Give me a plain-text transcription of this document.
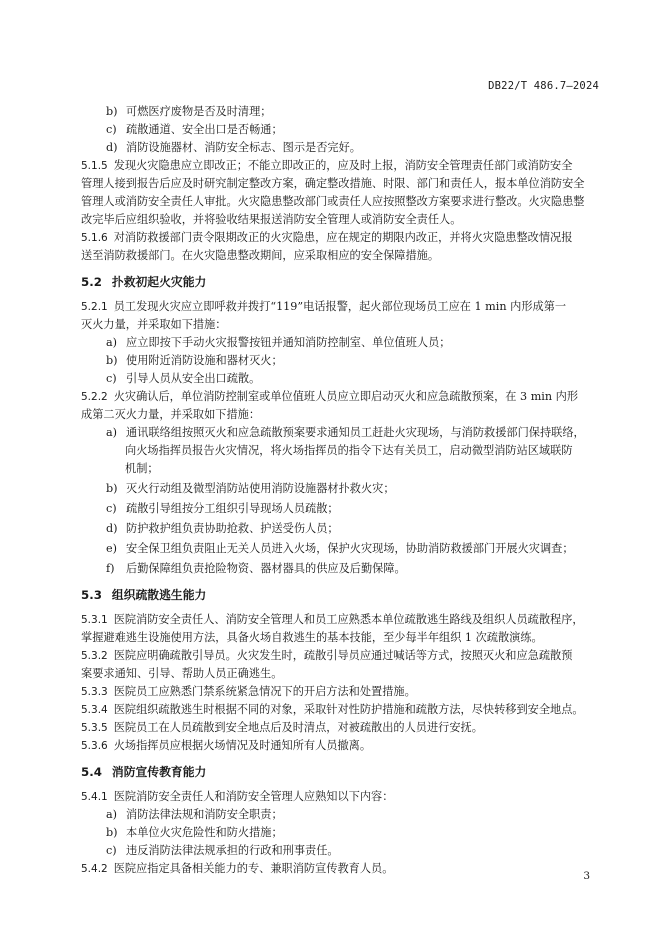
DB22/T 486.7—2024
b) 可燃医疗废物是否及时清理；
c) 疏散通道、安全出口是否畅通；
d) 消防设施器材、消防安全标志、图示是否完好。
5.1.5 发现火灾隐患应立即改正；不能立即改正的，应及时上报，消防安全管理责任部门或消防安全
管理人接到报告后应及时研究制定整改方案，确定整改措施、时限、部门和责任人，报本单位消防安全
管理人或消防安全责任人审批。火灾隐患整改部门或责任人应按照整改方案要求进行整改。火灾隐患整
改完毕后应组织验收，并将验收结果报送消防安全管理人或消防安全责任人。
5.1.6 对消防救援部门责令限期改正的火灾隐患，应在规定的期限内改正，并将火灾隐患整改情况报
送至消防救援部门。在火灾隐患整改期间，应采取相应的安全保障措施。
5.2 扑救初起火灾能力
5.2.1 员工发现火灾应立即呼救并拨打“119”电话报警，起火部位现场员工应在 1 min 内形成第一
灭火力量，并采取如下措施：
a) 应立即按下手动火灾报警按钮并通知消防控制室、单位值班人员；
b) 使用附近消防设施和器材灭火；
c) 引导人员从安全出口疏散。
5.2.2 火灾确认后，单位消防控制室或单位值班人员应立即启动灭火和应急疏散预案，在 3 min 内形
成第二灭火力量，并采取如下措施：
a) 通讯联络组按照灭火和应急疏散预案要求通知员工赶赴火灾现场，与消防救援部门保持联络，
向火场指挥员报告火灾情况，将火场指挥员的指令下达有关员工，启动微型消防站区域联防
机制；
b) 灭火行动组及微型消防站使用消防设施器材扑救火灾；
c) 疏散引导组按分工组织引导现场人员疏散；
d) 防护救护组负责协助抢救、护送受伤人员；
e) 安全保卫组负责阻止无关人员进入火场，保护火灾现场，协助消防救援部门开展火灾调查；
f) 后勤保障组负责抢险物资、器材器具的供应及后勤保障。
5.3 组织疏散逃生能力
5.3.1 医院消防安全责任人、消防安全管理人和员工应熟悉本单位疏散逃生路线及组织人员疏散程序，
掌握避难逃生设施使用方法，具备火场自救逃生的基本技能，至少每半年组织 1 次疏散演练。
5.3.2 医院应明确疏散引导员。火灾发生时，疏散引导员应通过喊话等方式，按照灭火和应急疏散预
案要求通知、引导、帮助人员正确逃生。
5.3.3 医院员工应熟悉门禁系统紧急情况下的开启方法和处置措施。
5.3.4 医院组织疏散逃生时根据不同的对象，采取针对性防护措施和疏散方法，尽快转移到安全地点。
5.3.5 医院员工在人员疏散到安全地点后及时清点，对被疏散出的人员进行安抚。
5.3.6 火场指挥员应根据火场情况及时通知所有人员撤离。
5.4 消防宣传教育能力
5.4.1 医院消防安全责任人和消防安全管理人应熟知以下内容：
a) 消防法律法规和消防安全职责；
b) 本单位火灾危险性和防火措施；
c) 违反消防法律法规承担的行政和刑事责任。
5.4.2 医院应指定具备相关能力的专、兼职消防宣传教育人员。
3
